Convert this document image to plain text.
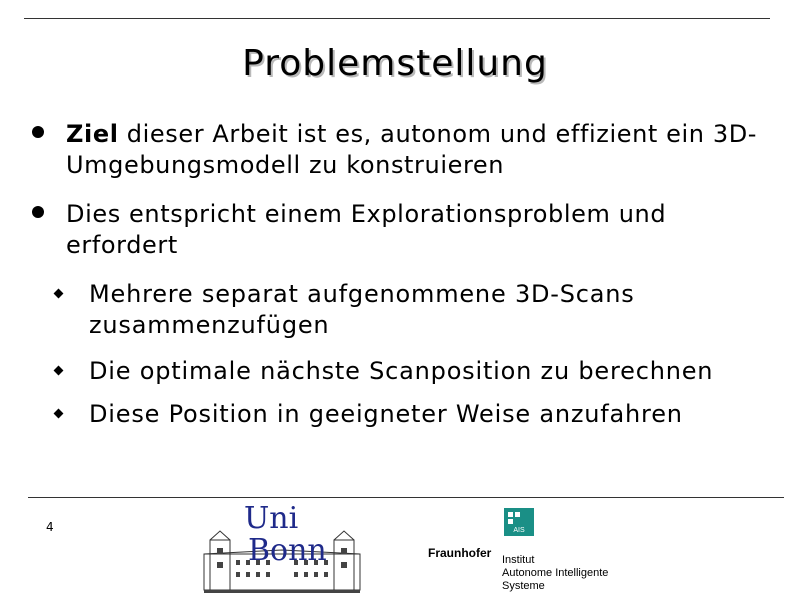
Problemstellung
Ziel dieser Arbeit ist es, autonom und effizient ein 3D-Umgebungsmodell zu konstruieren
Dies entspricht einem Explorationsproblem und erfordert
Mehrere separat aufgenommene 3D-Scans zusammenzufügen
Die optimale nächste Scanposition zu berechnen
Diese Position in geeigneter Weise anzufahren
4	Uni
Bonn
AIS
Fraunhofer Institut
Autonome Intelligente
Systeme
